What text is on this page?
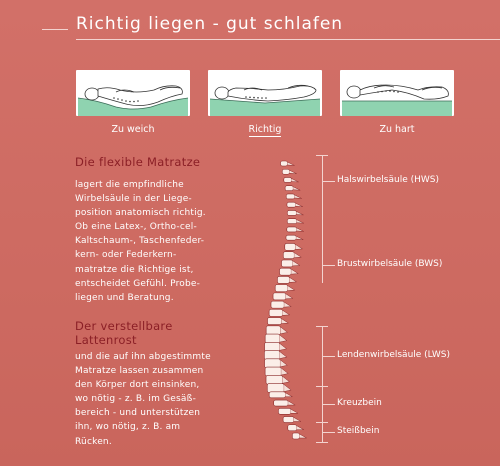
Richtig liegen - gut schlafen
Zu weich	Richtig	Zu hart
Die flexible Matratze
lagert die empfindliche
Wirbelsäule in der Liege-
position anatomisch richtig.
Ob eine Latex-, Ortho-cel-
Kaltschaum-, Taschenfeder-
kern- oder Federkern-
matratze die Richtige ist,
entscheidet Gefühl. Probe-
liegen und Beratung.
Der verstellbare
Lattenrost
und die auf ihn abgestimmte
Matratze lassen zusammen
den Körper dort einsinken,
wo nötig - z. B. im Gesäß-
bereich - und unterstützen
ihn, wo nötig, z. B. am
Rücken.
Halswirbelsäule (HWS)
Brustwirbelsäule (BWS)
Lendenwirbelsäule (LWS)
Kreuzbein
Steißbein
